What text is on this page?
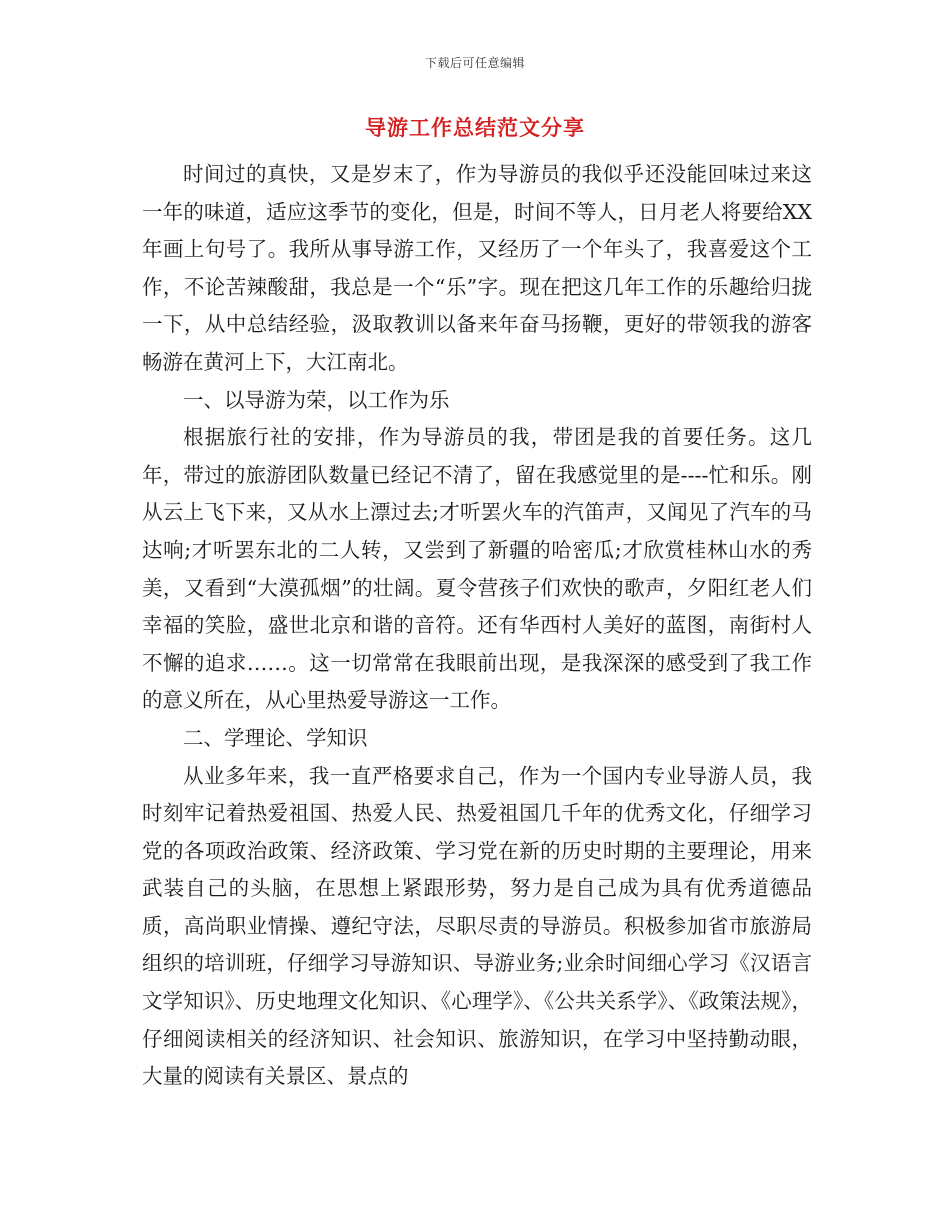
下载后可任意编辑
导游工作总结范文分享

时间过的真快，又是岁末了，作为导游员的我似乎还没能回味过来这一年的味道，适应这季节的变化，但是，时间不等人，日月老人将要给XX年画上句号了。我所从事导游工作，又经历了一个年头了，我喜爱这个工作，不论苦辣酸甜，我总是一个“乐”字。现在把这几年工作的乐趣给归拢一下，从中总结经验，汲取教训以备来年奋马扬鞭，更好的带领我的游客畅游在黄河上下，大江南北。

一、以导游为荣，以工作为乐

根据旅行社的安排，作为导游员的我，带团是我的首要任务。这几年，带过的旅游团队数量已经记不清了，留在我感觉里的是----忙和乐。刚从云上飞下来，又从水上漂过去;才听罢火车的汽笛声，又闻见了汽车的马达响;才听罢东北的二人转，又尝到了新疆的哈密瓜;才欣赏桂林山水的秀美，又看到“大漠孤烟”的壮阔。夏令营孩子们欢快的歌声，夕阳红老人们幸福的笑脸，盛世北京和谐的音符。还有华西村人美好的蓝图，南街村人不懈的追求……。这一切常常在我眼前出现，是我深深的感受到了我工作的意义所在，从心里热爱导游这一工作。

二、学理论、学知识

从业多年来，我一直严格要求自己，作为一个国内专业导游人员，我时刻牢记着热爱祖国、热爱人民、热爱祖国几千年的优秀文化，仔细学习党的各项政治政策、经济政策、学习党在新的历史时期的主要理论，用来武装自己的头脑，在思想上紧跟形势，努力是自己成为具有优秀道德品质，高尚职业情操、遵纪守法，尽职尽责的导游员。积极参加省市旅游局组织的培训班，仔细学习导游知识、导游业务;业余时间细心学习《汉语言文学知识》、历史地理文化知识、《心理学》、《公共关系学》、《政策法规》，仔细阅读相关的经济知识、社会知识、旅游知识，在学习中坚持勤动眼，大量的阅读有关景区、景点的
